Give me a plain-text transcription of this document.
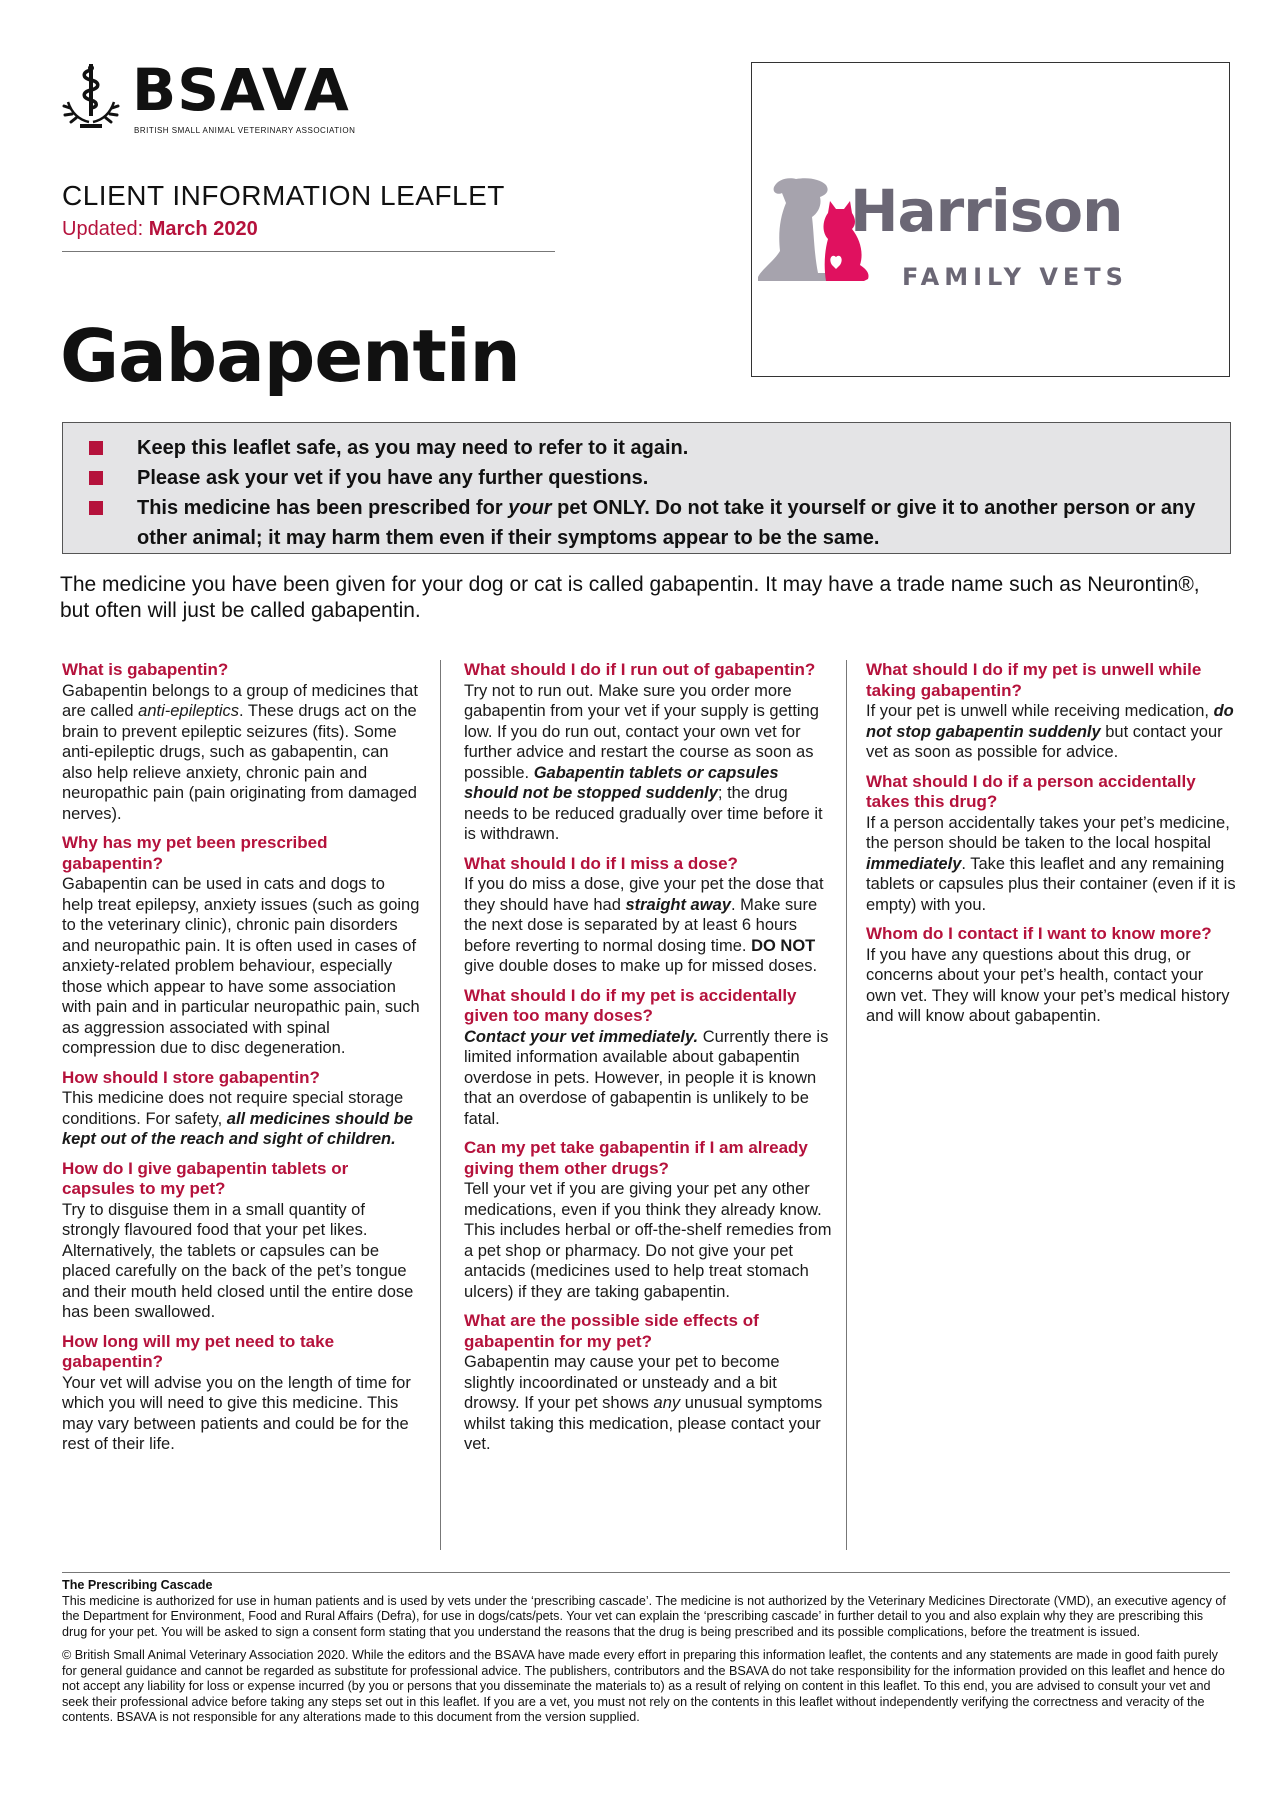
BSAVA
BRITISH SMALL ANIMAL VETERINARY ASSOCIATION
CLIENT INFORMATION LEAFLET
Updated: March 2020
Gabapentin
Harrison
FAMILY VETS
Keep this leaflet safe, as you may need to refer to it again.
Please ask your vet if you have any further questions.
This medicine has been prescribed for your pet ONLY. Do not take it yourself or give it to another person or any other animal; it may harm them even if their symptoms appear to be the same.
The medicine you have been given for your dog or cat is called gabapentin. It may have a trade name such as Neurontin®, but often will just be called gabapentin.
What is gabapentin?

Gabapentin belongs to a group of medicines that are called anti-epileptics. These drugs act on the brain to prevent epileptic seizures (fits). Some anti-epileptic drugs, such as gabapentin, can also help relieve anxiety, chronic pain and neuropathic pain (pain originating from damaged nerves).

Why has my pet been prescribed gabapentin?

Gabapentin can be used in cats and dogs to help treat epilepsy, anxiety issues (such as going to the veterinary clinic), chronic pain disorders and neuropathic pain. It is often used in cases of anxiety-related problem behaviour, especially those which appear to have some association with pain and in particular neuropathic pain, such as aggression associated with spinal compression due to disc degeneration.

How should I store gabapentin?

This medicine does not require special storage conditions. For safety, all medicines should be kept out of the reach and sight of children.

How do I give gabapentin tablets or capsules to my pet?

Try to disguise them in a small quantity of strongly flavoured food that your pet likes. Alternatively, the tablets or capsules can be placed carefully on the back of the pet’s tongue and their mouth held closed until the entire dose has been swallowed.

How long will my pet need to take gabapentin?

Your vet will advise you on the length of time for which you will need to give this medicine. This may vary between patients and could be for the rest of their life.

What should I do if I run out of gabapentin?

Try not to run out. Make sure you order more gabapentin from your vet if your supply is getting low. If you do run out, contact your own vet for further advice and restart the course as soon as possible. Gabapentin tablets or capsules should not be stopped suddenly; the drug needs to be reduced gradually over time before it is withdrawn.

What should I do if I miss a dose?

If you do miss a dose, give your pet the dose that they should have had straight away. Make sure the next dose is separated by at least 6 hours before reverting to normal dosing time. DO NOT give double doses to make up for missed doses.

What should I do if my pet is accidentally given too many doses?

Contact your vet immediately. Currently there is limited information available about gabapentin overdose in pets. However, in people it is known that an overdose of gabapentin is unlikely to be fatal.

Can my pet take gabapentin if I am already giving them other drugs?

Tell your vet if you are giving your pet any other medications, even if you think they already know. This includes herbal or off-the-shelf remedies from a pet shop or pharmacy. Do not give your pet antacids (medicines used to help treat stomach ulcers) if they are taking gabapentin.

What are the possible side effects of gabapentin for my pet?

Gabapentin may cause your pet to become slightly incoordinated or unsteady and a bit drowsy. If your pet shows any unusual symptoms whilst taking this medication, please contact your vet.

What should I do if my pet is unwell while taking gabapentin?

If your pet is unwell while receiving medication, do not stop gabapentin suddenly but contact your vet as soon as possible for advice.

What should I do if a person accidentally takes this drug?

If a person accidentally takes your pet’s medicine, the person should be taken to the local hospital immediately. Take this leaflet and any remaining tablets or capsules plus their container (even if it is empty) with you.

Whom do I contact if I want to know more?

If you have any questions about this drug, or concerns about your pet’s health, contact your own vet. They will know your pet’s medical history and will know about gabapentin.

The Prescribing Cascade

This medicine is authorized for use in human patients and is used by vets under the ‘prescribing cascade’. The medicine is not authorized by the Veterinary Medicines Directorate (VMD), an executive agency of the Department for Environment, Food and Rural Affairs (Defra), for use in dogs/cats/pets. Your vet can explain the ‘prescribing cascade’ in further detail to you and also explain why they are prescribing this drug for your pet. You will be asked to sign a consent form stating that you understand the reasons that the drug is being prescribed and its possible complications, before the treatment is issued.

© British Small Animal Veterinary Association 2020. While the editors and the BSAVA have made every effort in preparing this information leaflet, the contents and any statements are made in good faith purely for general guidance and cannot be regarded as substitute for professional advice. The publishers, contributors and the BSAVA do not take responsibility for the information provided on this leaflet and hence do not accept any liability for loss or expense incurred (by you or persons that you disseminate the materials to) as a result of relying on content in this leaflet. To this end, you are advised to consult your vet and seek their professional advice before taking any steps set out in this leaflet. If you are a vet, you must not rely on the contents in this leaflet without independently verifying the correctness and veracity of the contents. BSAVA is not responsible for any alterations made to this document from the version supplied.
